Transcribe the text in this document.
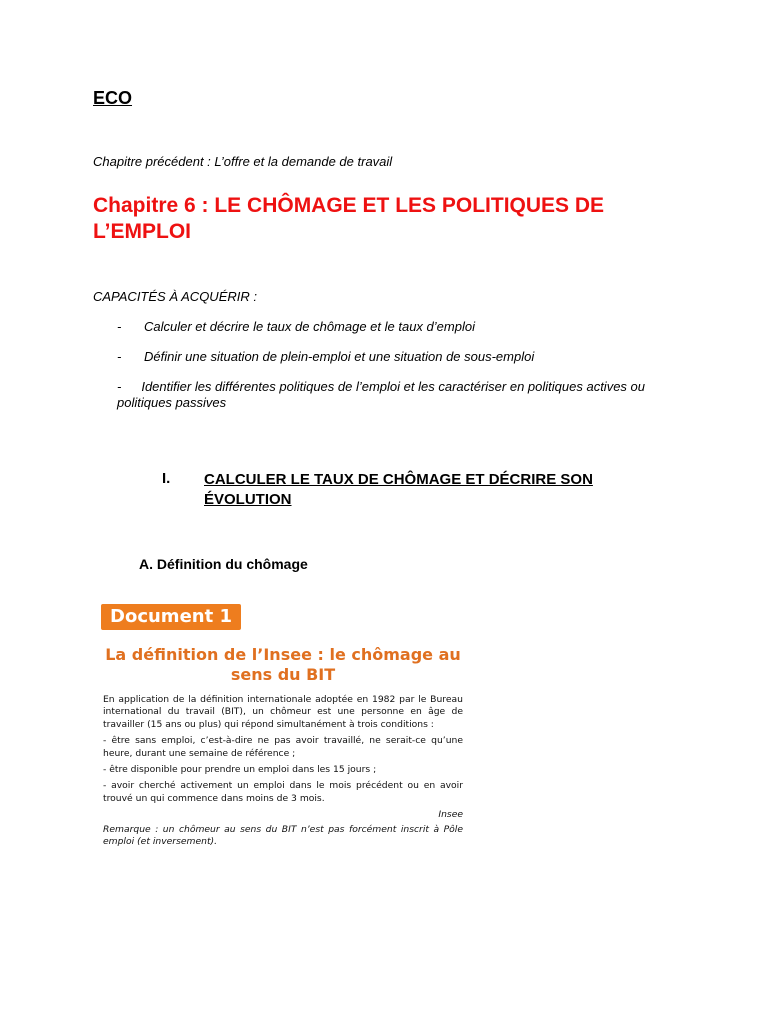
ECO
Chapitre précédent : L’offre et la demande de travail
Chapitre 6 : LE CHÔMAGE ET LES POLITIQUES DE L’EMPLOI
CAPACITÉS À ACQUÉRIR :
- Calculer et décrire le taux de chômage et le taux d’emploi
- Définir une situation de plein-emploi et une situation de sous-emploi
- Identifier les différentes politiques de l’emploi et les caractériser en politiques actives ou politiques passives
I. CALCULER LE TAUX DE CHÔMAGE ET DÉCRIRE SON ÉVOLUTION
A. Définition du chômage
Document 1
La définition de l’Insee : le chômage au sens du BIT

En application de la définition internationale adoptée en 1982 par le Bureau international du travail (BIT), un chômeur est une personne en âge de travailler (15 ans ou plus) qui répond simultanément à trois conditions :

- être sans emploi, c’est-à-dire ne pas avoir travaillé, ne serait-ce qu’une heure, durant une semaine de référence ;

- être disponible pour prendre un emploi dans les 15 jours ;

- avoir cherché activement un emploi dans le mois précédent ou en avoir trouvé un qui commence dans moins de 3 mois.

Insee

Remarque : un chômeur au sens du BIT n’est pas forcément inscrit à Pôle emploi (et inversement).
